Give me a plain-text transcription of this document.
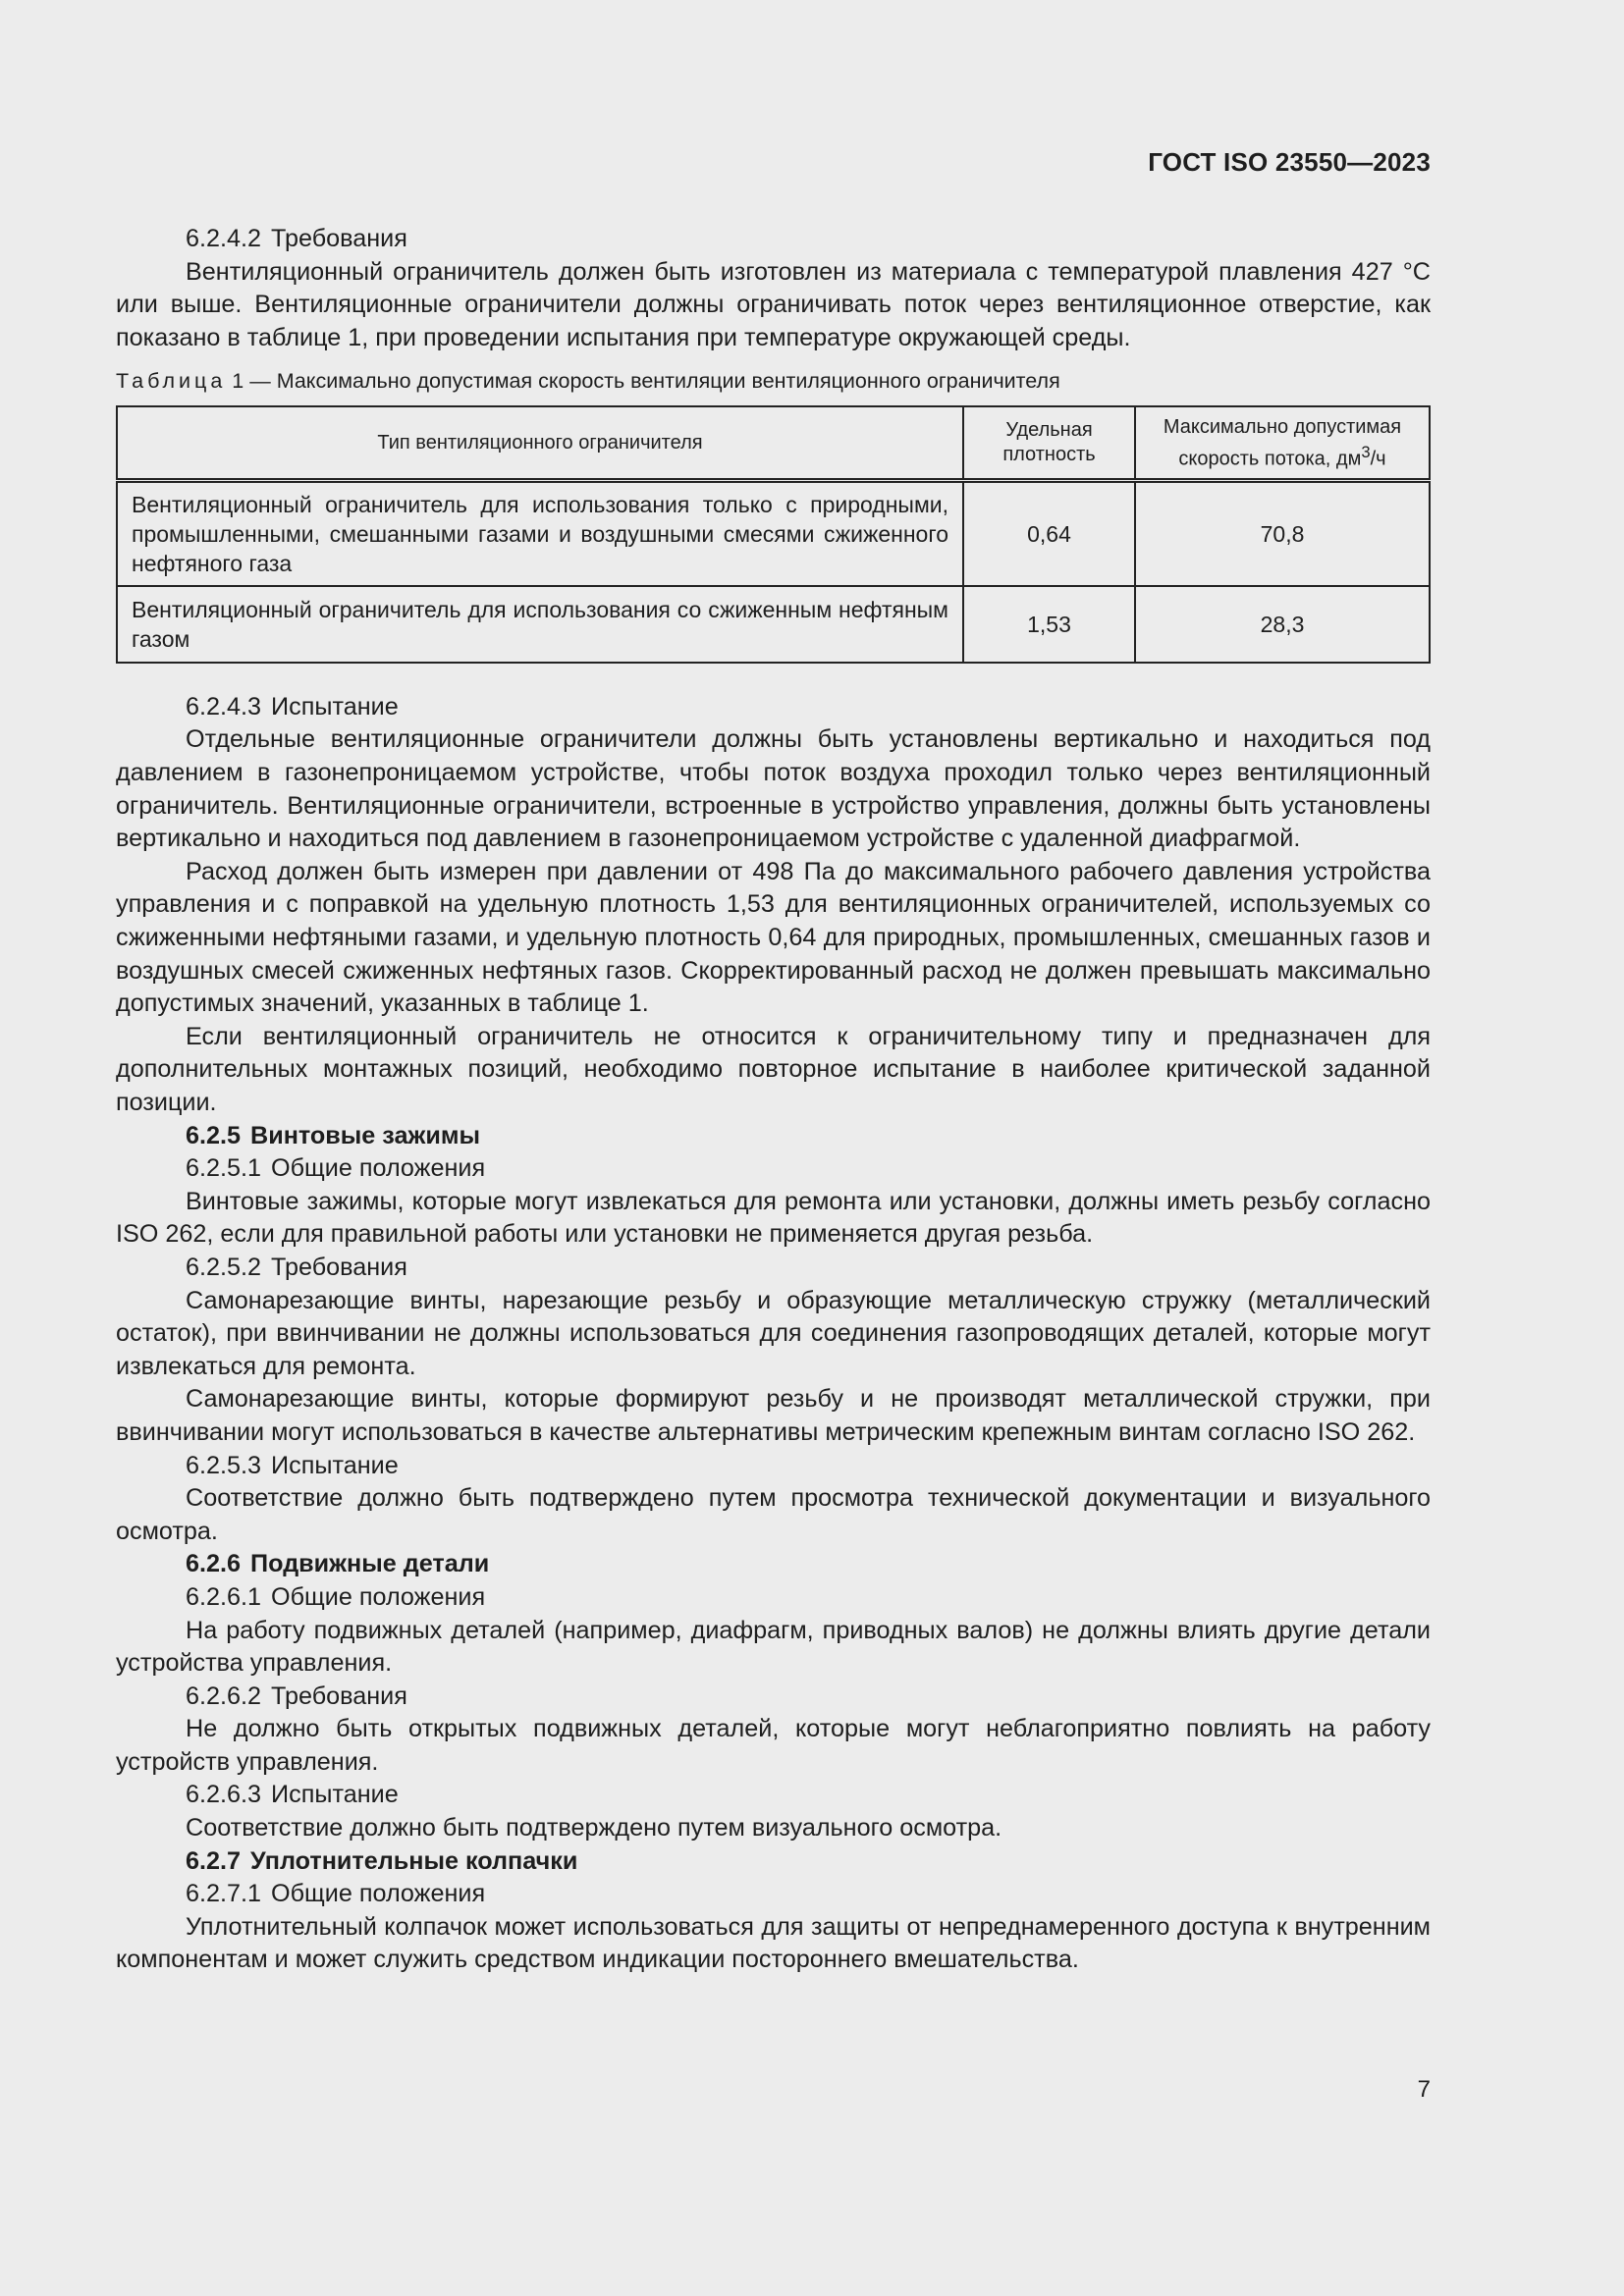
ГОСТ ISO 23550—2023
6.2.4.2 Требования
Вентиляционный ограничитель должен быть изготовлен из материала с температурой плавления 427 °C или выше. Вентиляционные ограничители должны ограничивать поток через вентиляционное отверстие, как показано в таблице 1, при проведении испытания при температуре окружающей среды.
Таблица 1 — Максимально допустимая скорость вентиляции вентиляционного ограничителя
Тип вентиляционного ограничителя	Удельная плотность	Максимально допустимая скорость потока, $дм^3/ч$
Вентиляционный ограничитель для использования только с природными, промышленными, смешанными газами и воздушными смесями сжиженного нефтяного газа	0,64	70,8
Вентиляционный ограничитель для использования со сжиженным нефтяным газом	1,53	28,3
6.2.4.3 Испытание
Отдельные вентиляционные ограничители должны быть установлены вертикально и находиться под давлением в газонепроницаемом устройстве, чтобы поток воздуха проходил только через вентиляционный ограничитель. Вентиляционные ограничители, встроенные в устройство управления, должны быть установлены вертикально и находиться под давлением в газонепроницаемом устройстве с удаленной диафрагмой.
Расход должен быть измерен при давлении от 498 Па до максимального рабочего давления устройства управления и с поправкой на удельную плотность 1,53 для вентиляционных ограничителей, используемых со сжиженными нефтяными газами, и удельную плотность 0,64 для природных, промышленных, смешанных газов и воздушных смесей сжиженных нефтяных газов. Скорректированный расход не должен превышать максимально допустимых значений, указанных в таблице 1.
Если вентиляционный ограничитель не относится к ограничительному типу и предназначен для дополнительных монтажных позиций, необходимо повторное испытание в наиболее критической заданной позиции.
6.2.5 Винтовые зажимы
6.2.5.1 Общие положения
Винтовые зажимы, которые могут извлекаться для ремонта или установки, должны иметь резьбу согласно ISO 262, если для правильной работы или установки не применяется другая резьба.
6.2.5.2 Требования
Самонарезающие винты, нарезающие резьбу и образующие металлическую стружку (металлический остаток), при ввинчивании не должны использоваться для соединения газопроводящих деталей, которые могут извлекаться для ремонта.
Самонарезающие винты, которые формируют резьбу и не производят металлической стружки, при ввинчивании могут использоваться в качестве альтернативы метрическим крепежным винтам согласно ISO 262.
6.2.5.3 Испытание
Соответствие должно быть подтверждено путем просмотра технической документации и визуального осмотра.
6.2.6 Подвижные детали
6.2.6.1 Общие положения
На работу подвижных деталей (например, диафрагм, приводных валов) не должны влиять другие детали устройства управления.
6.2.6.2 Требования
Не должно быть открытых подвижных деталей, которые могут неблагоприятно повлиять на работу устройств управления.
6.2.6.3 Испытание
Соответствие должно быть подтверждено путем визуального осмотра.
6.2.7 Уплотнительные колпачки
6.2.7.1 Общие положения
Уплотнительный колпачок может использоваться для защиты от непреднамеренного доступа к внутренним компонентам и может служить средством индикации постороннего вмешательства.
7
